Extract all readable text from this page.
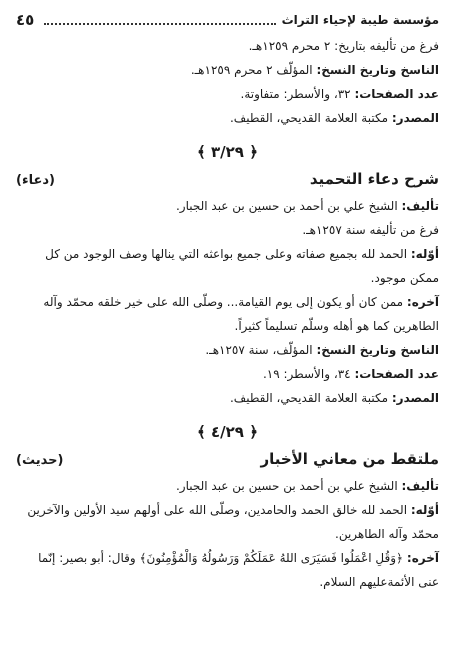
٤٥	مؤسسة طيبة لإحياء التراث
فرغ من تأليفه بتاريخ: ٢ محرم ١٢٥٩هـ.
الناسخ وتاريخ النسخ: المؤلّف ٢ محرم ١٢٥٩هـ.
عدد الصفحات: ٣٢، والأسطر: متفاوتة.
المصدر: مكتبة العلامة القديحي، القطيف.
﴿ ٣/٢٩ ﴾
شرح دعاء التحميد
(دعاء)
تأليف: الشيخ علي بن أحمد بن حسين بن عبد الجبار.
فرغ من تأليفه سنة ١٢٥٧هـ.
أوّله: الحمد لله بجميع صفاته وعلى جميع بواعثه التي ينالها وصف الوجود من كل
ممكن موجود.
آخره: ممن كان أو يكون إلى يوم القيامة... وصلّى الله على خير خلقه محمّد وآله
الطاهرين كما هو أهله وسلّم تسليماً كثيراً.
الناسخ وتاريخ النسخ: المؤلّف، سنة ١٢٥٧هـ.
عدد الصفحات: ٣٤، والأسطر: ١٩.
المصدر: مكتبة العلامة القديحي، القطيف.
﴿ ٤/٢٩ ﴾
ملتقط من معاني الأخبار
(حديث)
تأليف: الشيخ علي بن أحمد بن حسين بن عبد الجبار.
أوّله: الحمد لله خالق الحمد والحامدين، وصلّى الله على أولهم سيد الأولين والآخرين
محمّد وآله الطاهرين.
آخره: ﴿وَقُلِ اعْمَلُوا فَسَيَرَى اللهُ عَمَلَكُمْ وَرَسُولُهُ وَالْمُؤْمِنُونَ﴾ وقال: أبو بصير: إنّما
عنى الأئمةعليهم السلام.
